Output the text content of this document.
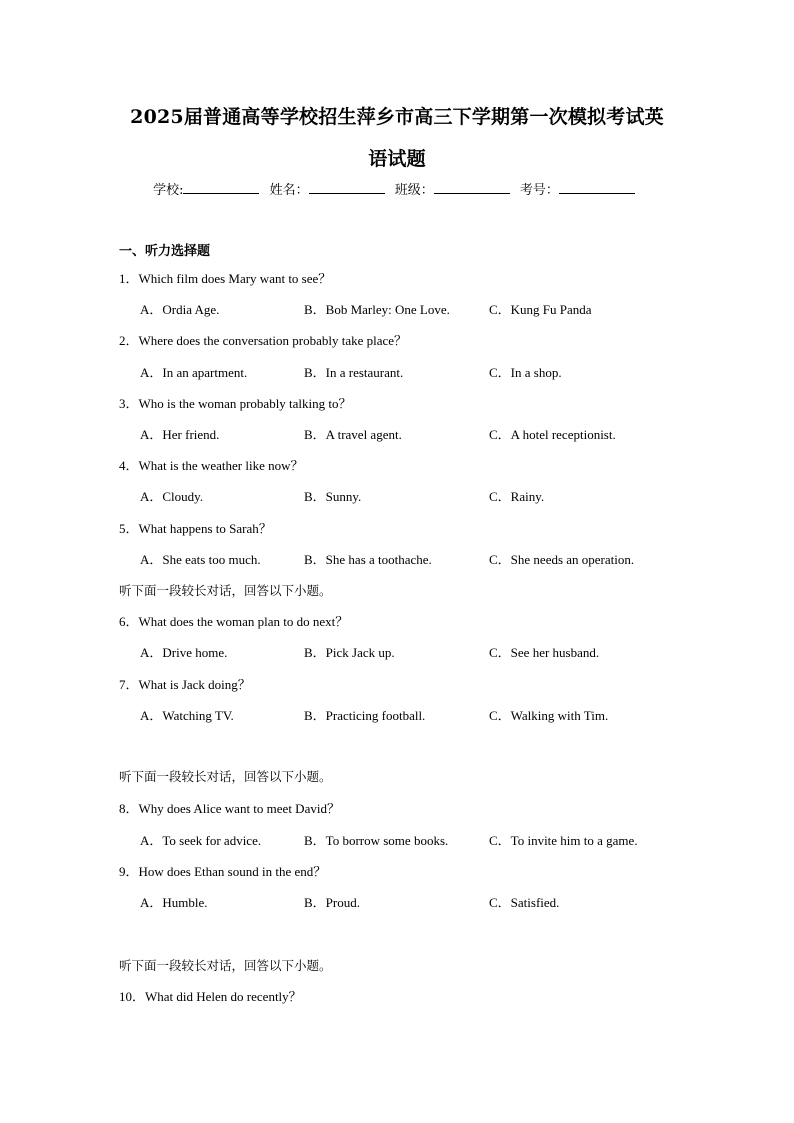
2025届普通高等学校招生萍乡市高三下学期第一次模拟考试英
语试题
学校:	姓名：	班级：	考号：
一、听力选择题
1．Which film does Mary want to see？
A．Ordia Age.	B．Bob Marley: One Love.	C．Kung Fu Panda
2．Where does the conversation probably take place？
A．In an apartment.	B．In a restaurant.	C．In a shop.
3．Who is the woman probably talking to？
A．Her friend.	B．A travel agent.	C．A hotel receptionist.
4．What is the weather like now？
A．Cloudy.	B．Sunny.	C．Rainy.
5．What happens to Sarah？
A．She eats too much.	B．She has a toothache.	C．She needs an operation.
听下面一段较长对话，回答以下小题。
6．What does the woman plan to do next？
A．Drive home.	B．Pick Jack up.	C．See her husband.
7．What is Jack doing？
A．Watching TV.	B．Practicing football.	C．Walking with Tim.
听下面一段较长对话，回答以下小题。
8．Why does Alice want to meet David？
A．To seek for advice.	B．To borrow some books.	C．To invite him to a game.
9．How does Ethan sound in the end？
A．Humble.	B．Proud.	C．Satisfied.
听下面一段较长对话，回答以下小题。
10．What did Helen do recently？
